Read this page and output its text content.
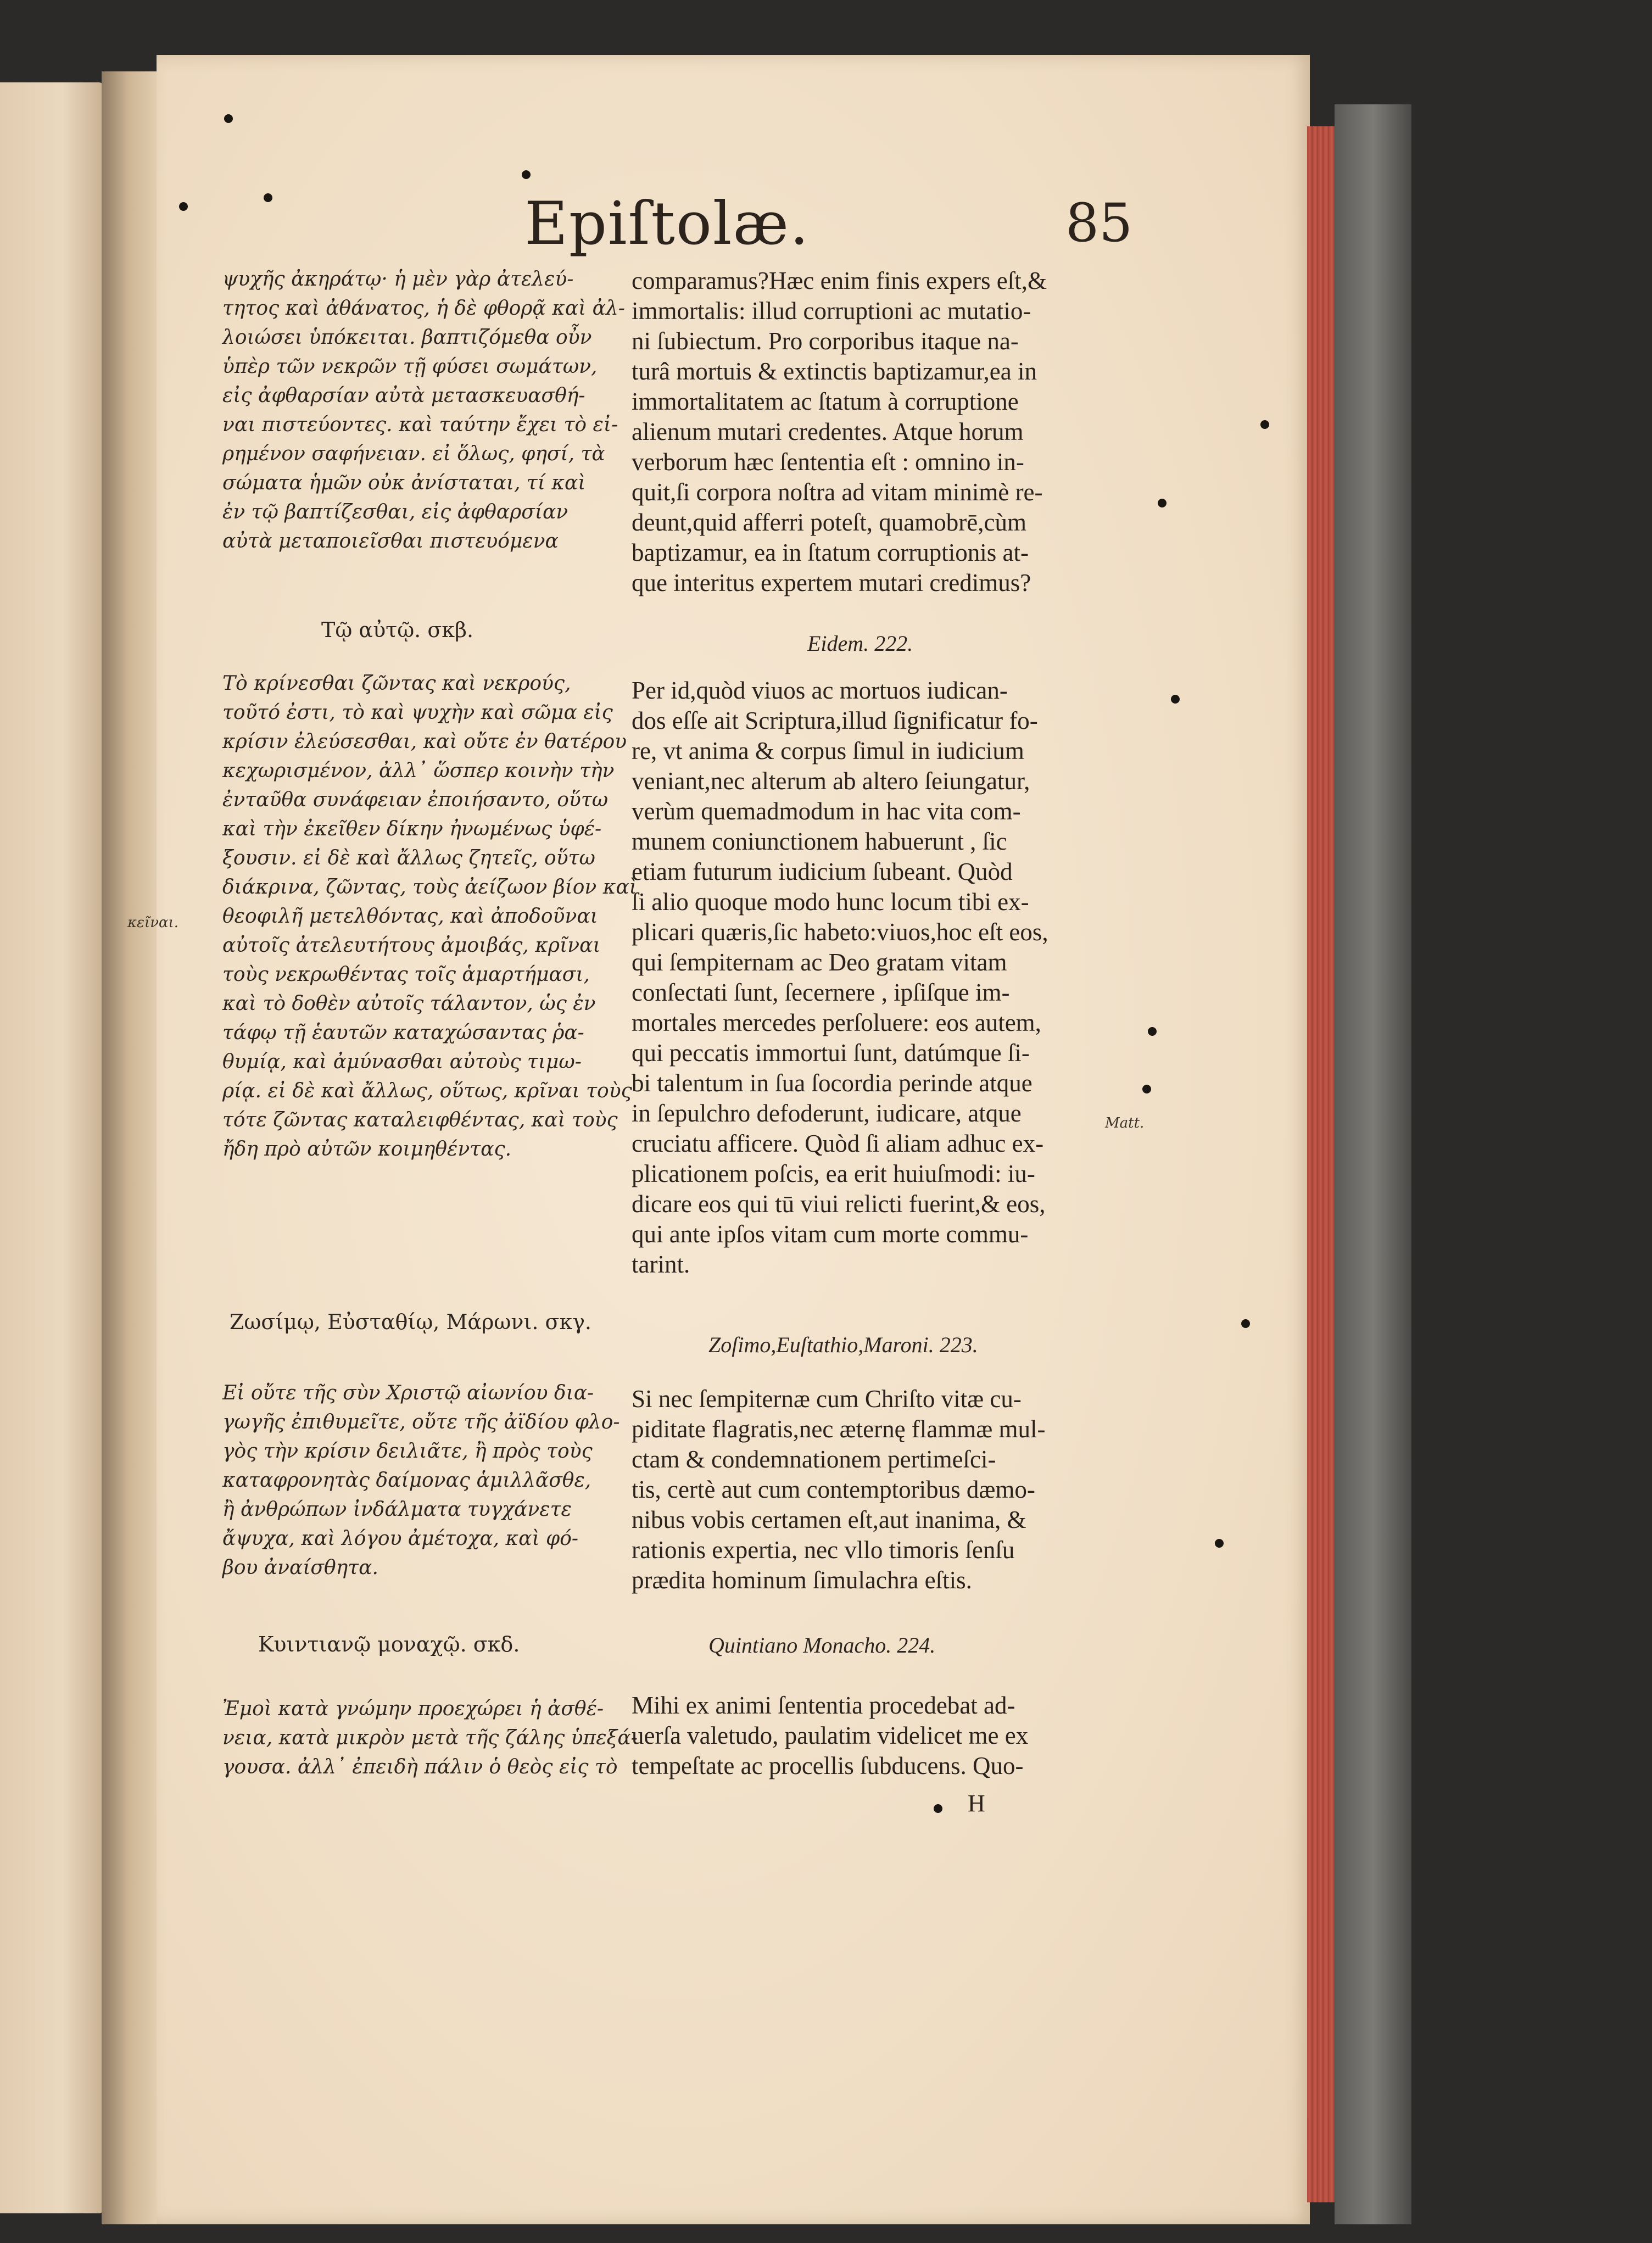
Epiſtolæ.	85
ψυχῆς ἀκηράτῳ· ἡ μὲν γὰρ ἀτελεύ-
τητος καὶ ἀθάνατος, ἡ δὲ φθορᾷ καὶ ἀλ-
λοιώσει ὑπόκειται. βαπτιζόμεθα οὖν
ὑπὲρ τῶν νεκρῶν τῇ φύσει σωμάτων,
εἰς ἀφθαρσίαν αὐτὰ μετασκευασθή-
ναι πιστεύοντες. καὶ ταύτην ἔχει τὸ εἰ-
ρημένον σαφήνειαν. εἰ ὅλως, φησί, τὰ
σώματα ἡμῶν οὐκ ἀνίσταται, τί καὶ
ἐν τῷ βαπτίζεσθαι, εἰς ἀφθαρσίαν
αὐτὰ μεταποιεῖσθαι πιστευόμενα
comparamus?Hæc enim finis expers eſt,&
immortalis: illud corruptioni ac mutatio-
ni ſubiectum. Pro corporibus itaque na-
turâ mortuis & extinctis baptizamur,ea in
immortalitatem ac ſtatum à corruptione
alienum mutari credentes. Atque horum
verborum hæc ſententia eſt : omnino in-
quit,ſi corpora noſtra ad vitam minimè re-
deunt,quid afferri poteſt, quamobrē,cùm
baptizamur, ea in ſtatum corruptionis at-
que interitus expertem mutari credimus?
Τῷ αὐτῷ. σκβ.
Eidem. 222.
Τὸ κρίνεσθαι ζῶντας καὶ νεκρούς,
τοῦτό ἐστι, τὸ καὶ ψυχὴν καὶ σῶμα εἰς
κρίσιν ἐλεύσεσθαι, καὶ οὔτε ἐν θατέρου
κεχωρισμένον, ἀλλ᾽ ὥσπερ κοινὴν τὴν
ἐνταῦθα συνάφειαν ἐποιήσαντο, οὕτω
καὶ τὴν ἐκεῖθεν δίκην ἠνωμένως ὑφέ-
ξουσιν. εἰ δὲ καὶ ἄλλως ζητεῖς, οὕτω
διάκρινα, ζῶντας, τοὺς ἀείζωον βίον καὶ
θεοφιλῆ μετελθόντας, καὶ ἀποδοῦναι
αὐτοῖς ἀτελευτήτους ἀμοιβάς, κρῖναι
τοὺς νεκρωθέντας τοῖς ἁμαρτήμασι,
καὶ τὸ δοθὲν αὐτοῖς τάλαντον, ὡς ἐν
τάφῳ τῇ ἑαυτῶν καταχώσαντας ῥα-
θυμίᾳ, καὶ ἀμύνασθαι αὐτοὺς τιμω-
ρίᾳ. εἰ δὲ καὶ ἄλλως, οὕτως, κρῖναι τοὺς
τότε ζῶντας καταλειφθέντας, καὶ τοὺς
ἤδη πρὸ αὐτῶν κοιμηθέντας.
Per id,quòd viuos ac mortuos iudican-
dos eſſe ait Scriptura,illud ſignificatur fo-
re, vt anima & corpus ſimul in iudicium
veniant,nec alterum ab altero ſeiungatur,
verùm quemadmodum in hac vita com-
munem coniunctionem habuerunt , ſic
etiam futurum iudicium ſubeant. Quòd
ſi alio quoque modo hunc locum tibi ex-
plicari quæris,ſic habeto:viuos,hoc eſt eos,
qui ſempiternam ac Deo gratam vitam
conſectati ſunt, ſecernere , ipſiſque im-
mortales mercedes perſoluere: eos autem,
qui peccatis immortui ſunt, datúmque ſi-
bi talentum in ſua ſocordia perinde atque
in ſepulchro defoderunt, iudicare, atque
cruciatu afficere. Quòd ſi aliam adhuc ex-
plicationem poſcis, ea erit huiuſmodi: iu-
dicare eos qui tū viui relicti fuerint,& eos,
qui ante ipſos vitam cum morte commu-
tarint.
κεῖναι.
Matt.
Ζωσίμῳ, Εὐσταθίῳ, Μάρωνι. σκγ.
Zoſimo,Euſtathio,Maroni. 223.
Εἰ οὔτε τῆς σὺν Χριστῷ αἰωνίου δια-
γωγῆς ἐπιθυμεῖτε, οὔτε τῆς ἀϊδίου φλο-
γὸς τὴν κρίσιν δειλιᾶτε, ἢ πρὸς τοὺς
καταφρονητὰς δαίμονας ἁμιλλᾶσθε,
ἢ ἀνθρώπων ἰνδάλματα τυγχάνετε
ἄψυχα, καὶ λόγου ἀμέτοχα, καὶ φό-
βου ἀναίσθητα.
Si nec ſempiternæ cum Chriſto vitæ cu-
piditate flagratis,nec æternę flammæ mul-
ctam & condemnationem pertimeſci-
tis, certè aut cum contemptoribus dæmo-
nibus vobis certamen eſt,aut inanima, &
rationis expertia, nec vllo timoris ſenſu
prædita hominum ſimulachra eſtis.
Κυιντιανῷ μοναχῷ. σκδ.	Quintiano Monacho. 224.
Ἐμοὶ κατὰ γνώμην προεχώρει ἡ ἀσθέ-
νεια, κατὰ μικρὸν μετὰ τῆς ζάλης ὑπεξά-
γουσα. ἀλλ᾽ ἐπειδὴ πάλιν ὁ θεὸς εἰς τὸ
Mihi ex animi ſententia procedebat ad-
uerſa valetudo, paulatim videlicet me ex
tempeſtate ac procellis ſubducens. Quo-
H
